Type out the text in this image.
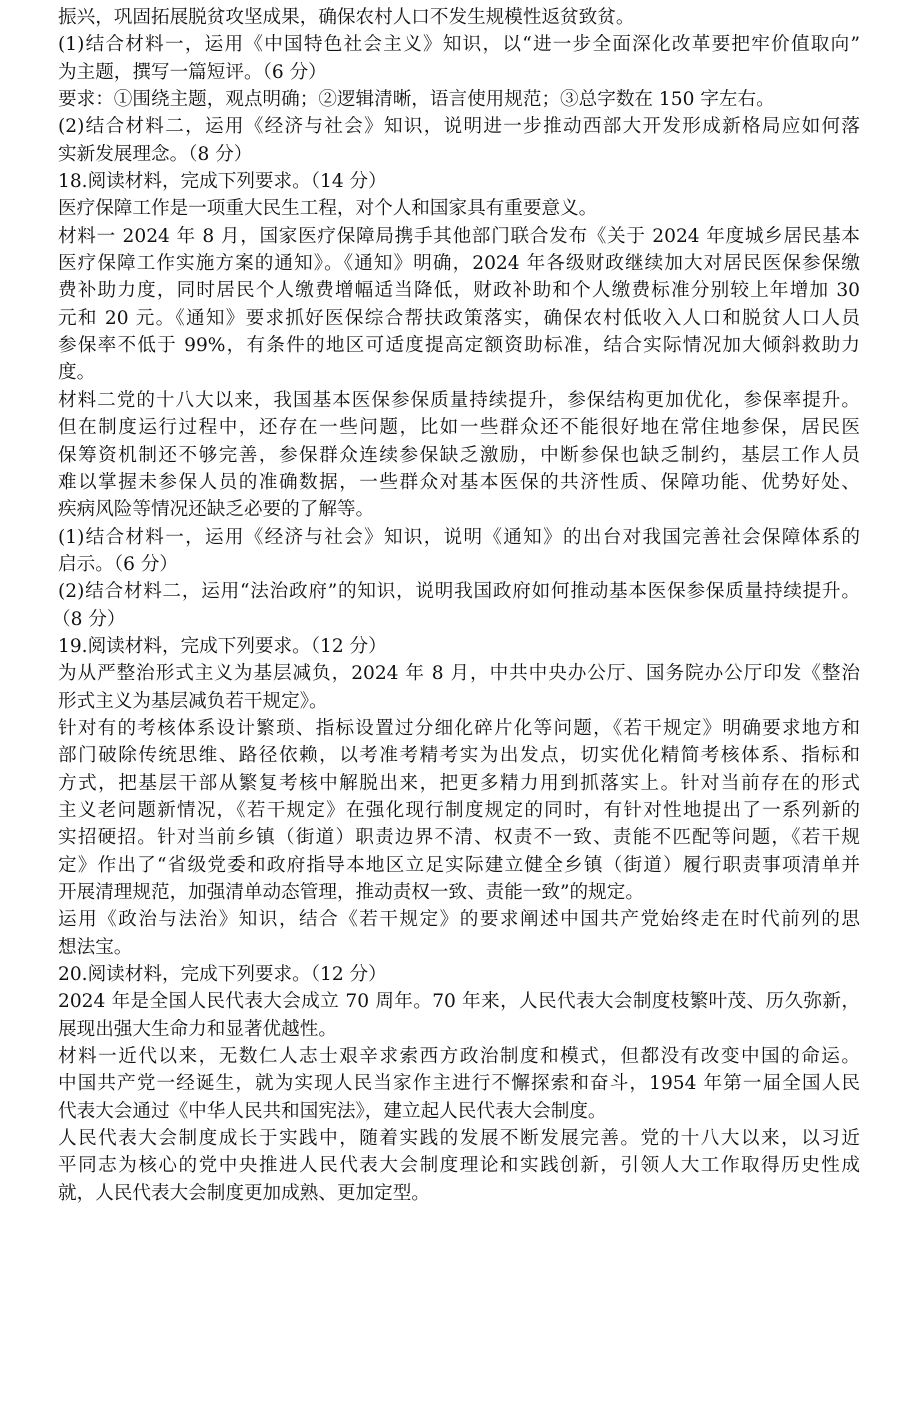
振兴，巩固拓展脱贫攻坚成果，确保农村人口不发生规模性返贫致贫。
(1)结合材料一，运用《中国特色社会主义》知识，以“进一步全面深化改革要把牢价值取向”
为主题，撰写一篇短评。（6 分）
要求：①围绕主题，观点明确；②逻辑清晰，语言使用规范；③总字数在 150 字左右。
(2)结合材料二，运用《经济与社会》知识，说明进一步推动西部大开发形成新格局应如何落
实新发展理念。（8 分）
18.阅读材料，完成下列要求。（14 分）
医疗保障工作是一项重大民生工程，对个人和国家具有重要意义。
材料一 2024 年 8 月，国家医疗保障局携手其他部门联合发布《关于 2024 年度城乡居民基本
医疗保障工作实施方案的通知》。《通知》明确，2024 年各级财政继续加大对居民医保参保缴
费补助力度，同时居民个人缴费增幅适当降低，财政补助和个人缴费标准分别较上年增加 30
元和 20 元。《通知》要求抓好医保综合帮扶政策落实，确保农村低收入人口和脱贫人口人员
参保率不低于 99%，有条件的地区可适度提高定额资助标准，结合实际情况加大倾斜救助力
度。
材料二党的十八大以来，我国基本医保参保质量持续提升，参保结构更加优化，参保率提升。
但在制度运行过程中，还存在一些问题，比如一些群众还不能很好地在常住地参保，居民医
保筹资机制还不够完善，参保群众连续参保缺乏激励，中断参保也缺乏制约，基层工作人员
难以掌握未参保人员的准确数据，一些群众对基本医保的共济性质、保障功能、优势好处、
疾病风险等情况还缺乏必要的了解等。
(1)结合材料一，运用《经济与社会》知识，说明《通知》的出台对我国完善社会保障体系的
启示。（6 分）
(2)结合材料二，运用“法治政府”的知识，说明我国政府如何推动基本医保参保质量持续提升。
（8 分）
19.阅读材料，完成下列要求。（12 分）
为从严整治形式主义为基层减负，2024 年 8 月，中共中央办公厅、国务院办公厅印发《整治
形式主义为基层减负若干规定》。
针对有的考核体系设计繁琐、指标设置过分细化碎片化等问题，《若干规定》明确要求地方和
部门破除传统思维、路径依赖，以考准考精考实为出发点，切实优化精简考核体系、指标和
方式，把基层干部从繁复考核中解脱出来，把更多精力用到抓落实上。针对当前存在的形式
主义老问题新情况，《若干规定》在强化现行制度规定的同时，有针对性地提出了一系列新的
实招硬招。针对当前乡镇（街道）职责边界不清、权责不一致、责能不匹配等问题，《若干规
定》作出了“省级党委和政府指导本地区立足实际建立健全乡镇（街道）履行职责事项清单并
开展清理规范，加强清单动态管理，推动责权一致、责能一致”的规定。
运用《政治与法治》知识，结合《若干规定》的要求阐述中国共产党始终走在时代前列的思
想法宝。
20.阅读材料，完成下列要求。（12 分）
2024 年是全国人民代表大会成立 70 周年。70 年来，人民代表大会制度枝繁叶茂、历久弥新，
展现出强大生命力和显著优越性。
材料一近代以来，无数仁人志士艰辛求索西方政治制度和模式，但都没有改变中国的命运。
中国共产党一经诞生，就为实现人民当家作主进行不懈探索和奋斗，1954 年第一届全国人民
代表大会通过《中华人民共和国宪法》，建立起人民代表大会制度。
人民代表大会制度成长于实践中，随着实践的发展不断发展完善。党的十八大以来，以习近
平同志为核心的党中央推进人民代表大会制度理论和实践创新，引领人大工作取得历史性成
就，人民代表大会制度更加成熟、更加定型。
